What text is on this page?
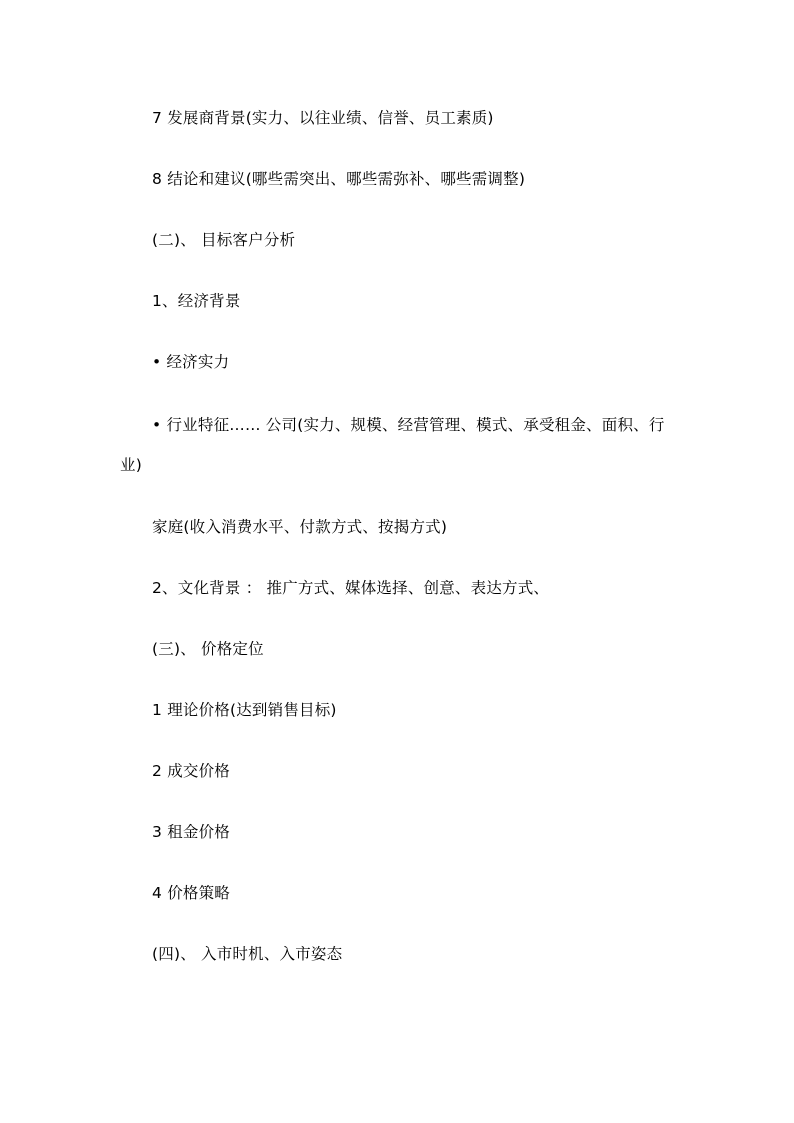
7 发展商背景(实力、以往业绩、信誉、员工素质)
8 结论和建议(哪些需突出、哪些需弥补、哪些需调整)
(二)、 目标客户分析
1、经济背景
• 经济实力
• 行业特征…… 公司(实力、规模、经营管理、模式、承受租金、面积、行业)
家庭(收入消费水平、付款方式、按揭方式)
2、文化背景 ： 推广方式、媒体选择、创意、表达方式、
(三)、 价格定位
1 理论价格(达到销售目标)
2 成交价格
3 租金价格
4 价格策略
(四)、 入市时机、入市姿态
